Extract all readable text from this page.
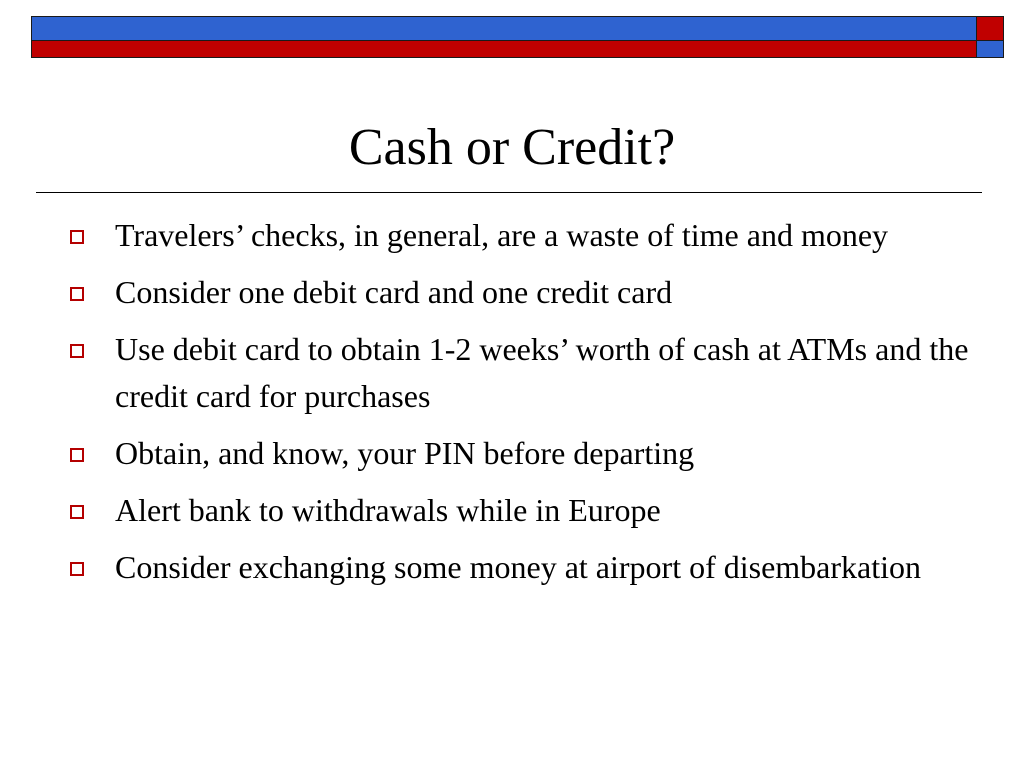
Cash or Credit?
Travelers’ checks, in general, are a waste of time and money
Consider one debit card and one credit card
Use debit card to obtain 1-2 weeks’ worth of cash at ATMs and the credit card for purchases
Obtain, and know, your PIN before departing
Alert bank to withdrawals while in Europe
Consider exchanging some money at airport of disembarkation
